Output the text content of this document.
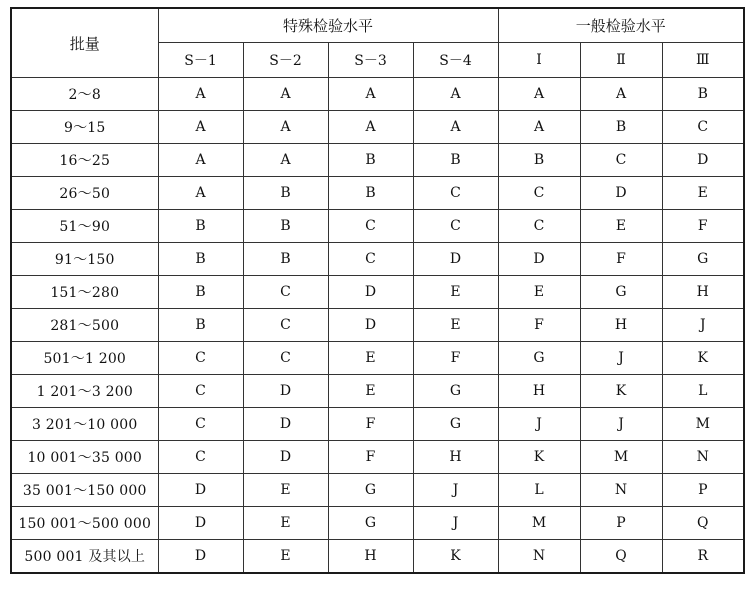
批量	特殊检验水平				一般检验水平		
	S－1	S－2	S－3	S－4	Ⅰ	Ⅱ	Ⅲ
2～8	A	A	A	A	A	A	B
9～15	A	A	A	A	A	B	C
16～25	A	A	B	B	B	C	D
26～50	A	B	B	C	C	D	E
51～90	B	B	C	C	C	E	F
91～150	B	B	C	D	D	F	G
151～280	B	C	D	E	E	G	H
281～500	B	C	D	E	F	H	J
501～1 200	C	C	E	F	G	J	K
1 201～3 200	C	D	E	G	H	K	L
3 201～10 000	C	D	F	G	J	J	M
10 001～35 000	C	D	F	H	K	M	N
35 001～150 000	D	E	G	J	L	N	P
150 001～500 000	D	E	G	J	M	P	Q
500 001 及其以上	D	E	H	K	N	Q	R
